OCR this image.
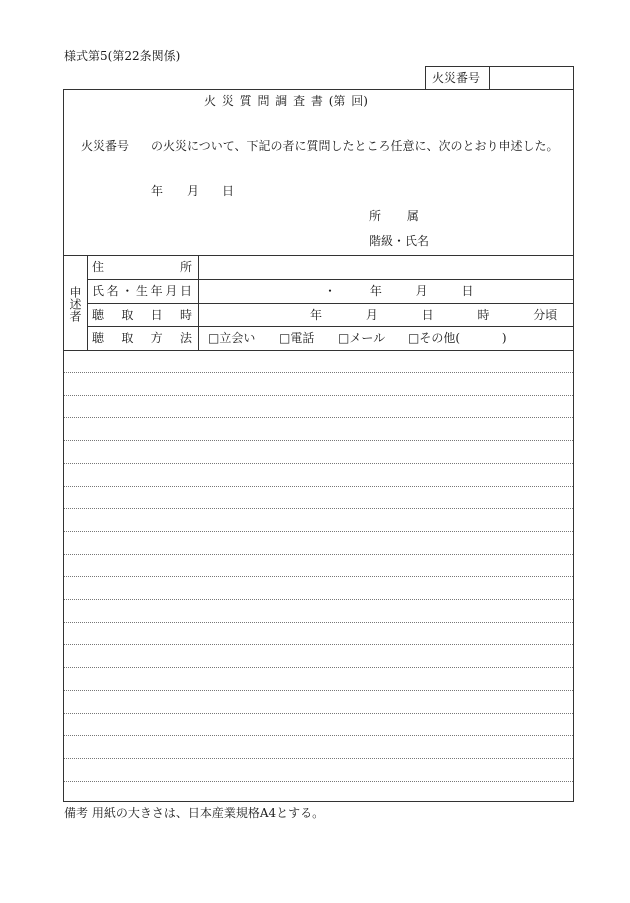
様式第5(第22条関係)
火災番号
火 災 質 問 調 査 書 (第 回)
火災番号 の火災について、下記の者に質問したところ任意に、次のとおり申述した。
年 月 日
所 属
階級・氏名
申述者
住 所
氏名・生年月日
聴 取 日 時
聴 取 方 法
・ 年 月 日
年 月 日 時 分頃
□立会い □電話 □メール □その他( )
備考 用紙の大きさは、日本産業規格A4とする。
